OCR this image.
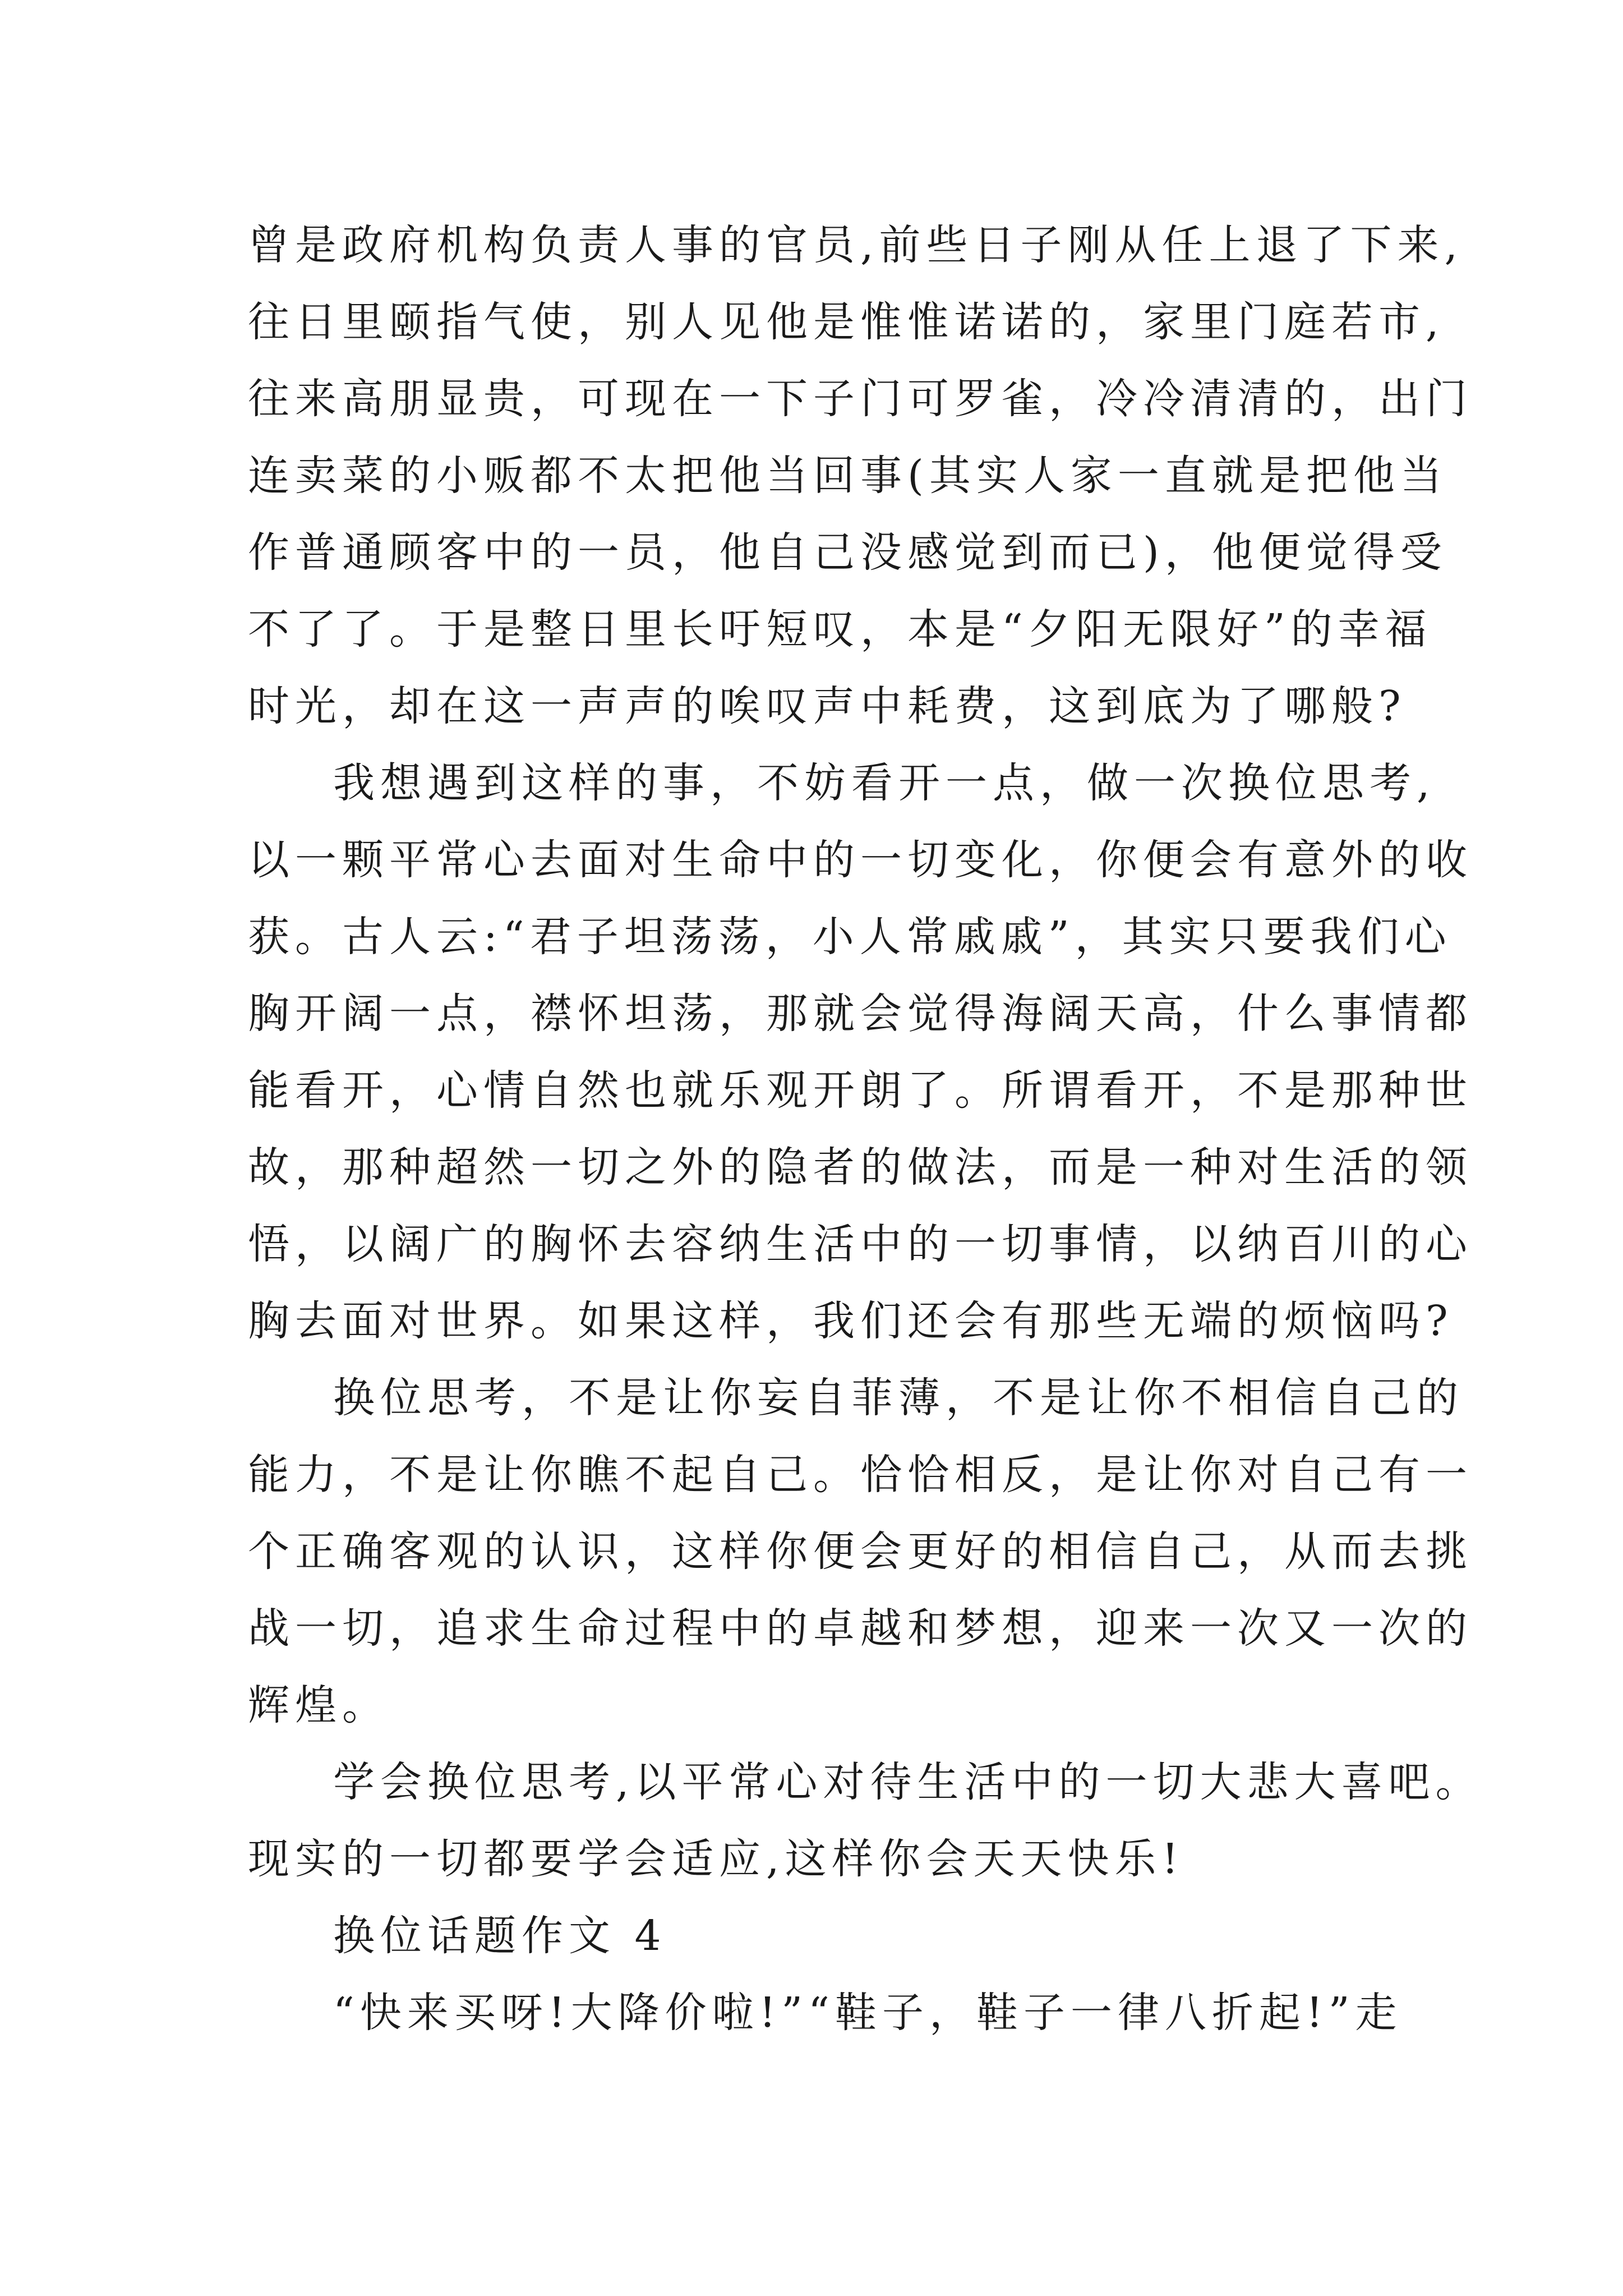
曾是政府机构负责人事的官员,前些日子刚从任上退了下来,

往日里颐指气使，别人见他是惟惟诺诺的，家里门庭若市,

往来高朋显贵，可现在一下子门可罗雀，冷冷清清的，出门

连卖菜的小贩都不太把他当回事(其实人家一直就是把他当

作普通顾客中的一员，他自己没感觉到而已)，他便觉得受

不了了。于是整日里长吁短叹，本是“夕阳无限好”的幸福

时光，却在这一声声的唉叹声中耗费，这到底为了哪般?

我想遇到这样的事，不妨看开一点，做一次换位思考,

以一颗平常心去面对生命中的一切变化，你便会有意外的收

获。古人云:“君子坦荡荡，小人常戚戚”，其实只要我们心

胸开阔一点，襟怀坦荡，那就会觉得海阔天高，什么事情都

能看开，心情自然也就乐观开朗了。所谓看开，不是那种世

故，那种超然一切之外的隐者的做法，而是一种对生活的领

悟，以阔广的胸怀去容纳生活中的一切事情，以纳百川的心

胸去面对世界。如果这样，我们还会有那些无端的烦恼吗?

换位思考，不是让你妄自菲薄，不是让你不相信自己的

能力，不是让你瞧不起自己。恰恰相反，是让你对自己有一

个正确客观的认识，这样你便会更好的相信自己，从而去挑

战一切，追求生命过程中的卓越和梦想，迎来一次又一次的

辉煌。

学会换位思考,以平常心对待生活中的一切大悲大喜吧。

现实的一切都要学会适应,这样你会天天快乐!

换位话题作文 4

“快来买呀!大降价啦!”“鞋子，鞋子一律八折起!”走
